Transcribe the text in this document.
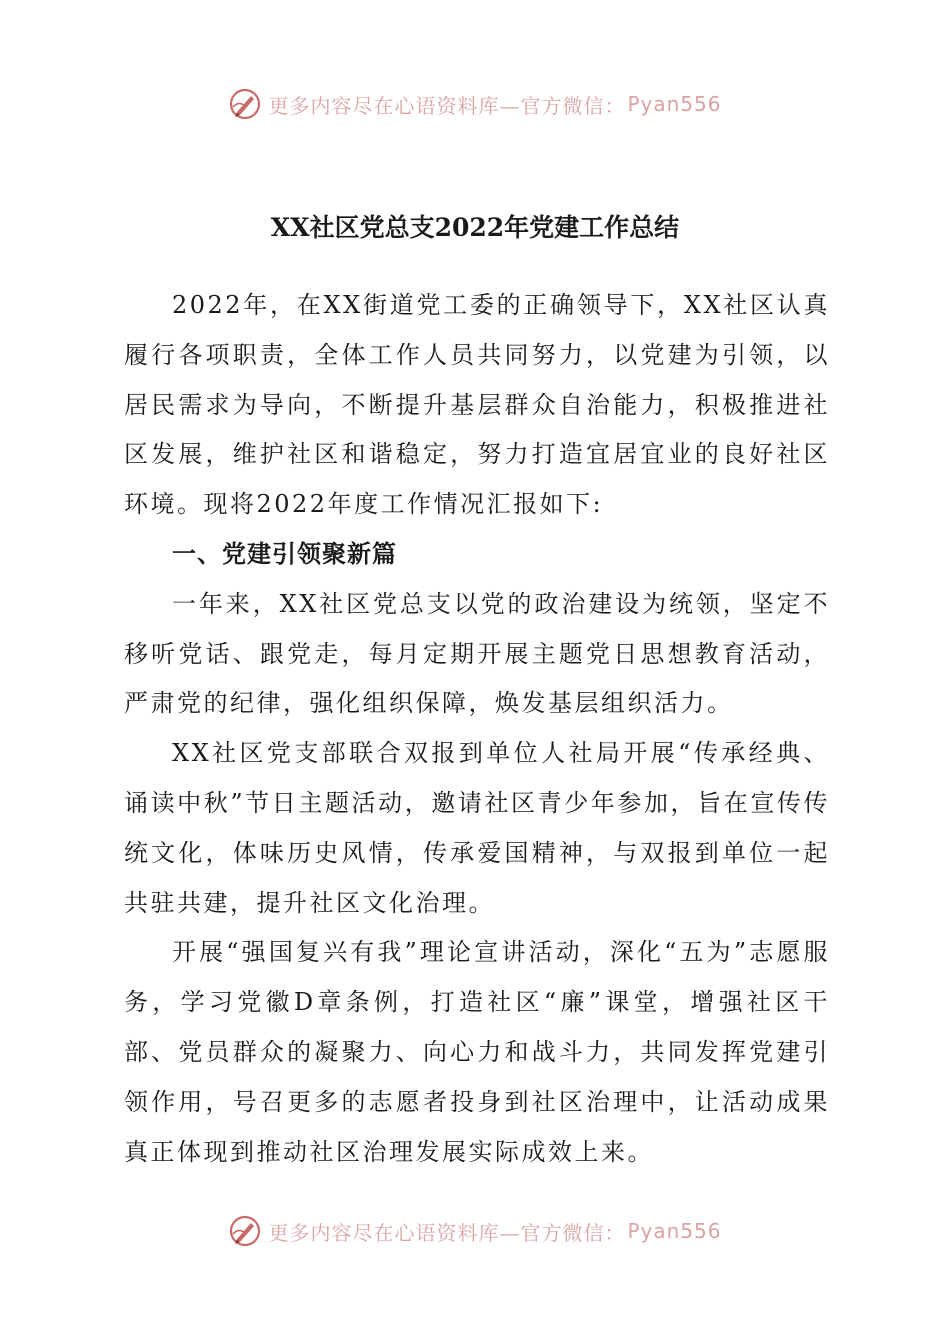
更多内容尽在心语资料库—官方微信： Pyan556
XX社区党总支2022年党建工作总结

2022年，在XX街道党工委的正确领导下，XX社区认真履行各项职责，全体工作人员共同努力，以党建为引领，以居民需求为导向，不断提升基层群众自治能力，积极推进社区发展，维护社区和谐稳定，努力打造宜居宜业的良好社区环境。现将2022年度工作情况汇报如下:

一、党建引领聚新篇

一年来，XX社区党总支以党的政治建设为统领，坚定不移听党话、跟党走，每月定期开展主题党日思想教育活动，严肃党的纪律，强化组织保障，焕发基层组织活力。

XX社区党支部联合双报到单位人社局开展“传承经典、诵读中秋”节日主题活动，邀请社区青少年参加，旨在宣传传统文化，体味历史风情，传承爱国精神，与双报到单位一起共驻共建，提升社区文化治理。

开展“强国复兴有我”理论宣讲活动，深化“五为”志愿服务，学习党徽D章条例，打造社区“廉”课堂，增强社区干部、党员群众的凝聚力、向心力和战斗力，共同发挥党建引领作用，号召更多的志愿者投身到社区治理中，让活动成果真正体现到推动社区治理发展实际成效上来。

更多内容尽在心语资料库—官方微信： Pyan556
